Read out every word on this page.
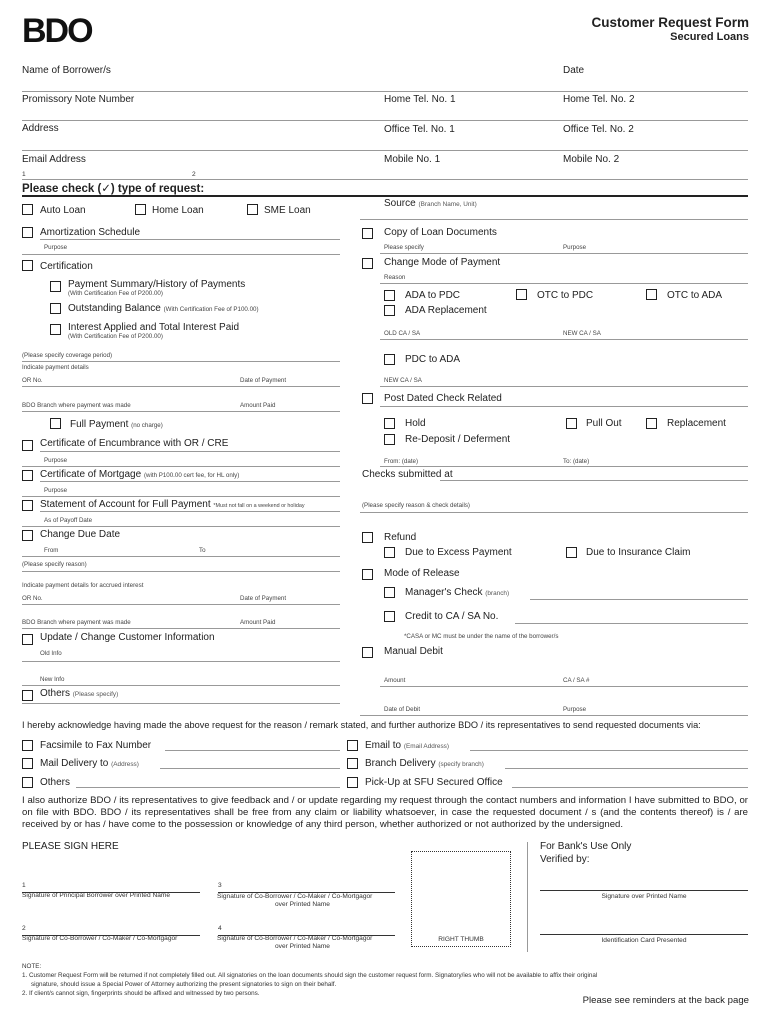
BDO	Customer Request Form
Secured Loans
Name of Borrower/s	Date
Promissory Note Number	Home Tel. No. 1	Home Tel. No. 2
Address	Office Tel. No. 1	Office Tel. No. 2
Email Address	Mobile No. 1	Mobile No. 2
1	2
Please check (✓) type of request:
Source (Branch Name, Unit)
Auto Loan	Home Loan	SME Loan
Amortization Schedule
Purpose
Certification
Payment Summary/History of Payments
(With Certification Fee of P200.00)
Outstanding Balance (With Certification Fee of P100.00)
Interest Applied and Total Interest Paid
(With Certification Fee of P200.00)
(Please specify coverage period)
Indicate payment details
OR No.	Date of Payment
BDO Branch where payment was made	Amount Paid
Full Payment (no charge)
Certificate of Encumbrance with OR / CRE
Purpose
Certificate of Mortgage (with P100.00 cert fee, for HL only)
Purpose
Statement of Account for Full Payment *Must not fall on a weekend or holiday
As of Payoff Date
Change Due Date
From	To
(Please specify reason)
Indicate payment details for accrued interest
OR No.	Date of Payment
BDO Branch where payment was made	Amount Paid
Update / Change Customer Information
Old Info
New Info
Others (Please specify)
Copy of Loan Documents
Please specify	Purpose
Change Mode of Payment
Reason
ADA to PDC	OTC to PDC	OTC to ADA
ADA Replacement
OLD CA / SA	NEW CA / SA
PDC to ADA
NEW CA / SA
Post Dated Check Related
Hold	Pull Out	Replacement
Re-Deposit / Deferment
From: (date)	To: (date)
Checks submitted at
(Please specify reason & check details)
Refund
Due to Excess Payment	Due to Insurance Claim
Mode of Release
Manager's Check (branch)
Credit to CA / SA No.
*CASA or MC must be under the name of the borrower/s
Manual Debit
Amount	CA / SA #
Date of Debit	Purpose
I hereby acknowledge having made the above request for the reason / remark stated, and further authorize BDO / its representatives to send requested documents via:
Facsimile to Fax Number
Mail Delivery to (Address)
Others
Email to (Email Address)
Branch Delivery (specify branch)
Pick-Up at SFU Secured Office
I also authorize BDO / its representatives to give feedback and / or update regarding my request through the contact numbers and information I have submitted to BDO, or on file with BDO. BDO / its representatives shall be free from any claim or liability whatsoever, in case the requested document / s (and the contents thereof) is / are received by or has / have come to the possession or knowledge of any third person, whether authorized or not authorized by the undersigned.
PLEASE SIGN HERE
1
Signature of Principal Borrower over Printed Name
3
Signature of Co-Borrower / Co-Maker / Co-Mortgagor
over Printed Name
2
Signature of Co-Borrower / Co-Maker / Co-Mortgagor
4
Signature of Co-Borrower / Co-Maker / Co-Mortgagor
over Printed Name
RIGHT THUMB
For Bank's Use Only
Verified by:
Signature over Printed Name
Identification Card Presented
NOTE:
1. Customer Request Form will be returned if not completely filled out. All signatories on the loan documents should sign the customer request form. Signatory/ies who will not be available to affix their original
signature, should issue a Special Power of Attorney authorizing the present signatories to sign on their behalf.
2. If client/s cannot sign, fingerprints should be affixed and witnessed by two persons.
Please see reminders at the back page
